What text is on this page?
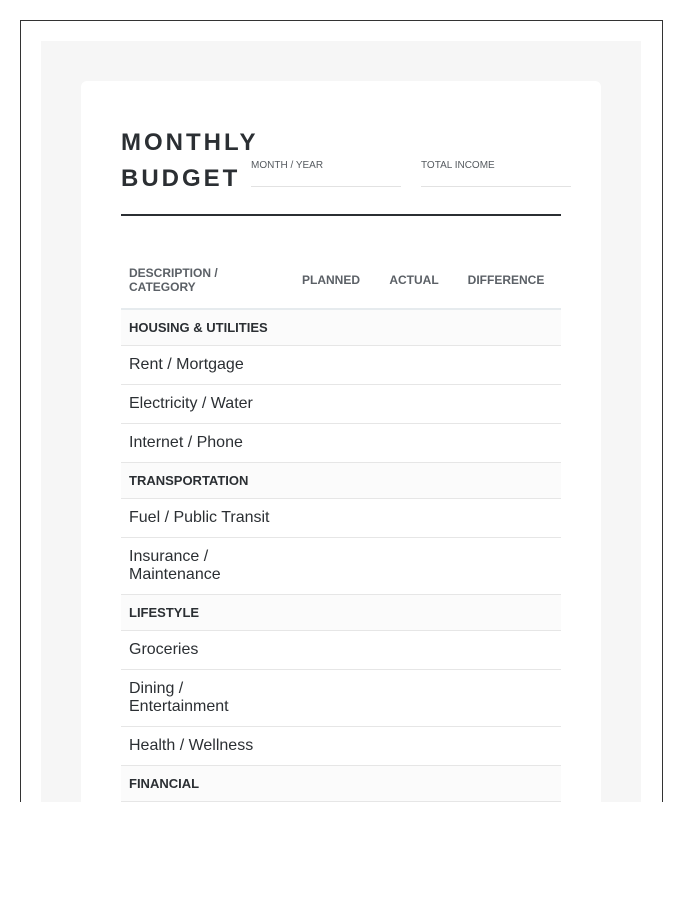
MONTHLY
BUDGET	MONTH / YEAR	TOTAL INCOME
DESCRIPTION / CATEGORY	PLANNED	ACTUAL	DIFFERENCE
HOUSING & UTILITIES			
Rent / Mortgage			
Electricity / Water			
Internet / Phone			
TRANSPORTATION			
Fuel / Public Transit			
Insurance / Maintenance			
LIFESTYLE			
Groceries			
Dining / Entertainment			
Health / Wellness			
FINANCIAL			
